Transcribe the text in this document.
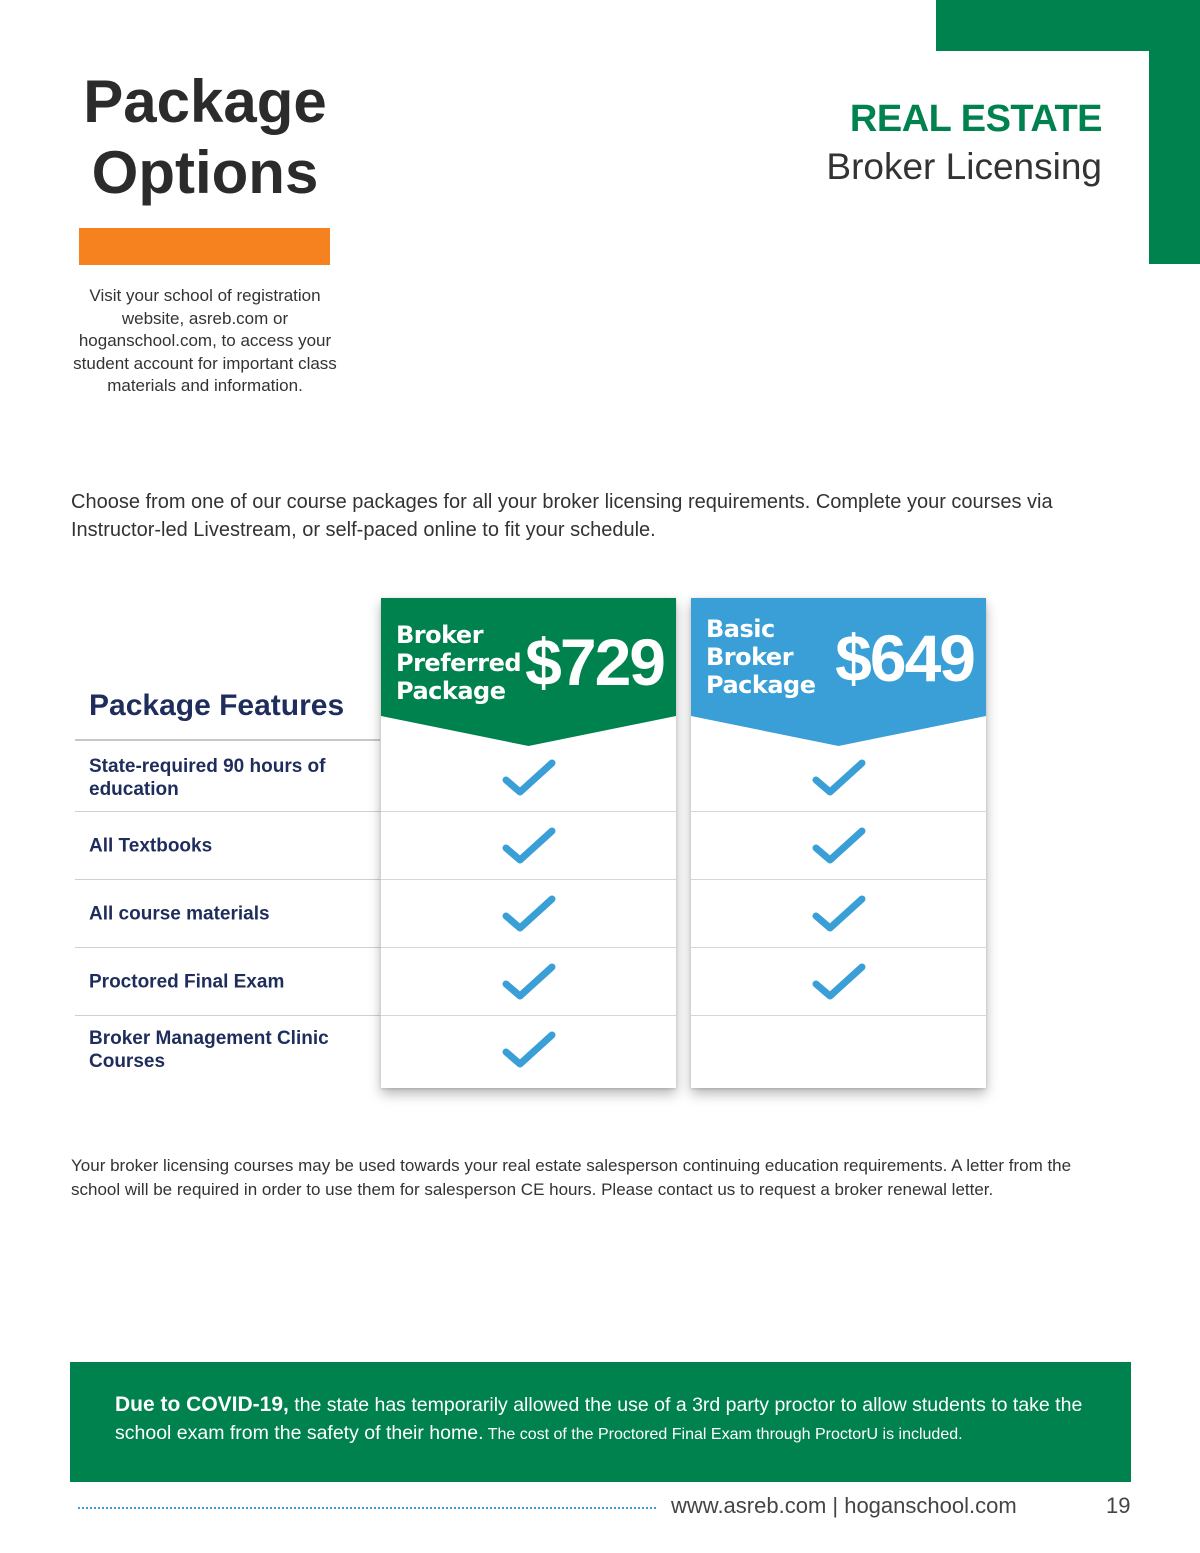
Package
Options
Visit your school of registration website, asreb.com or hoganschool.com, to access your student account for important class materials and information.
REAL ESTATE
Broker Licensing
Choose from one of our course packages for all your broker licensing requirements. Complete your courses via Instructor-led Livestream, or self-paced online to fit your schedule.
Package Features
State-required 90 hours of education
All Textbooks
All course materials
Proctored Final Exam
Broker Management Clinic Courses
Broker
Preferred
Package $729 Basic
Broker
Package $649
Your broker licensing courses may be used towards your real estate salesperson continuing education requirements. A letter from the school will be required in order to use them for salesperson CE hours. Please contact us to request a broker renewal letter.
Due to COVID-19, the state has temporarily allowed the use of a 3rd party proctor to allow students to take the school exam from the safety of their home. The cost of the Proctored Final Exam through ProctorU is included.
www.asreb.com | hoganschool.com	19
